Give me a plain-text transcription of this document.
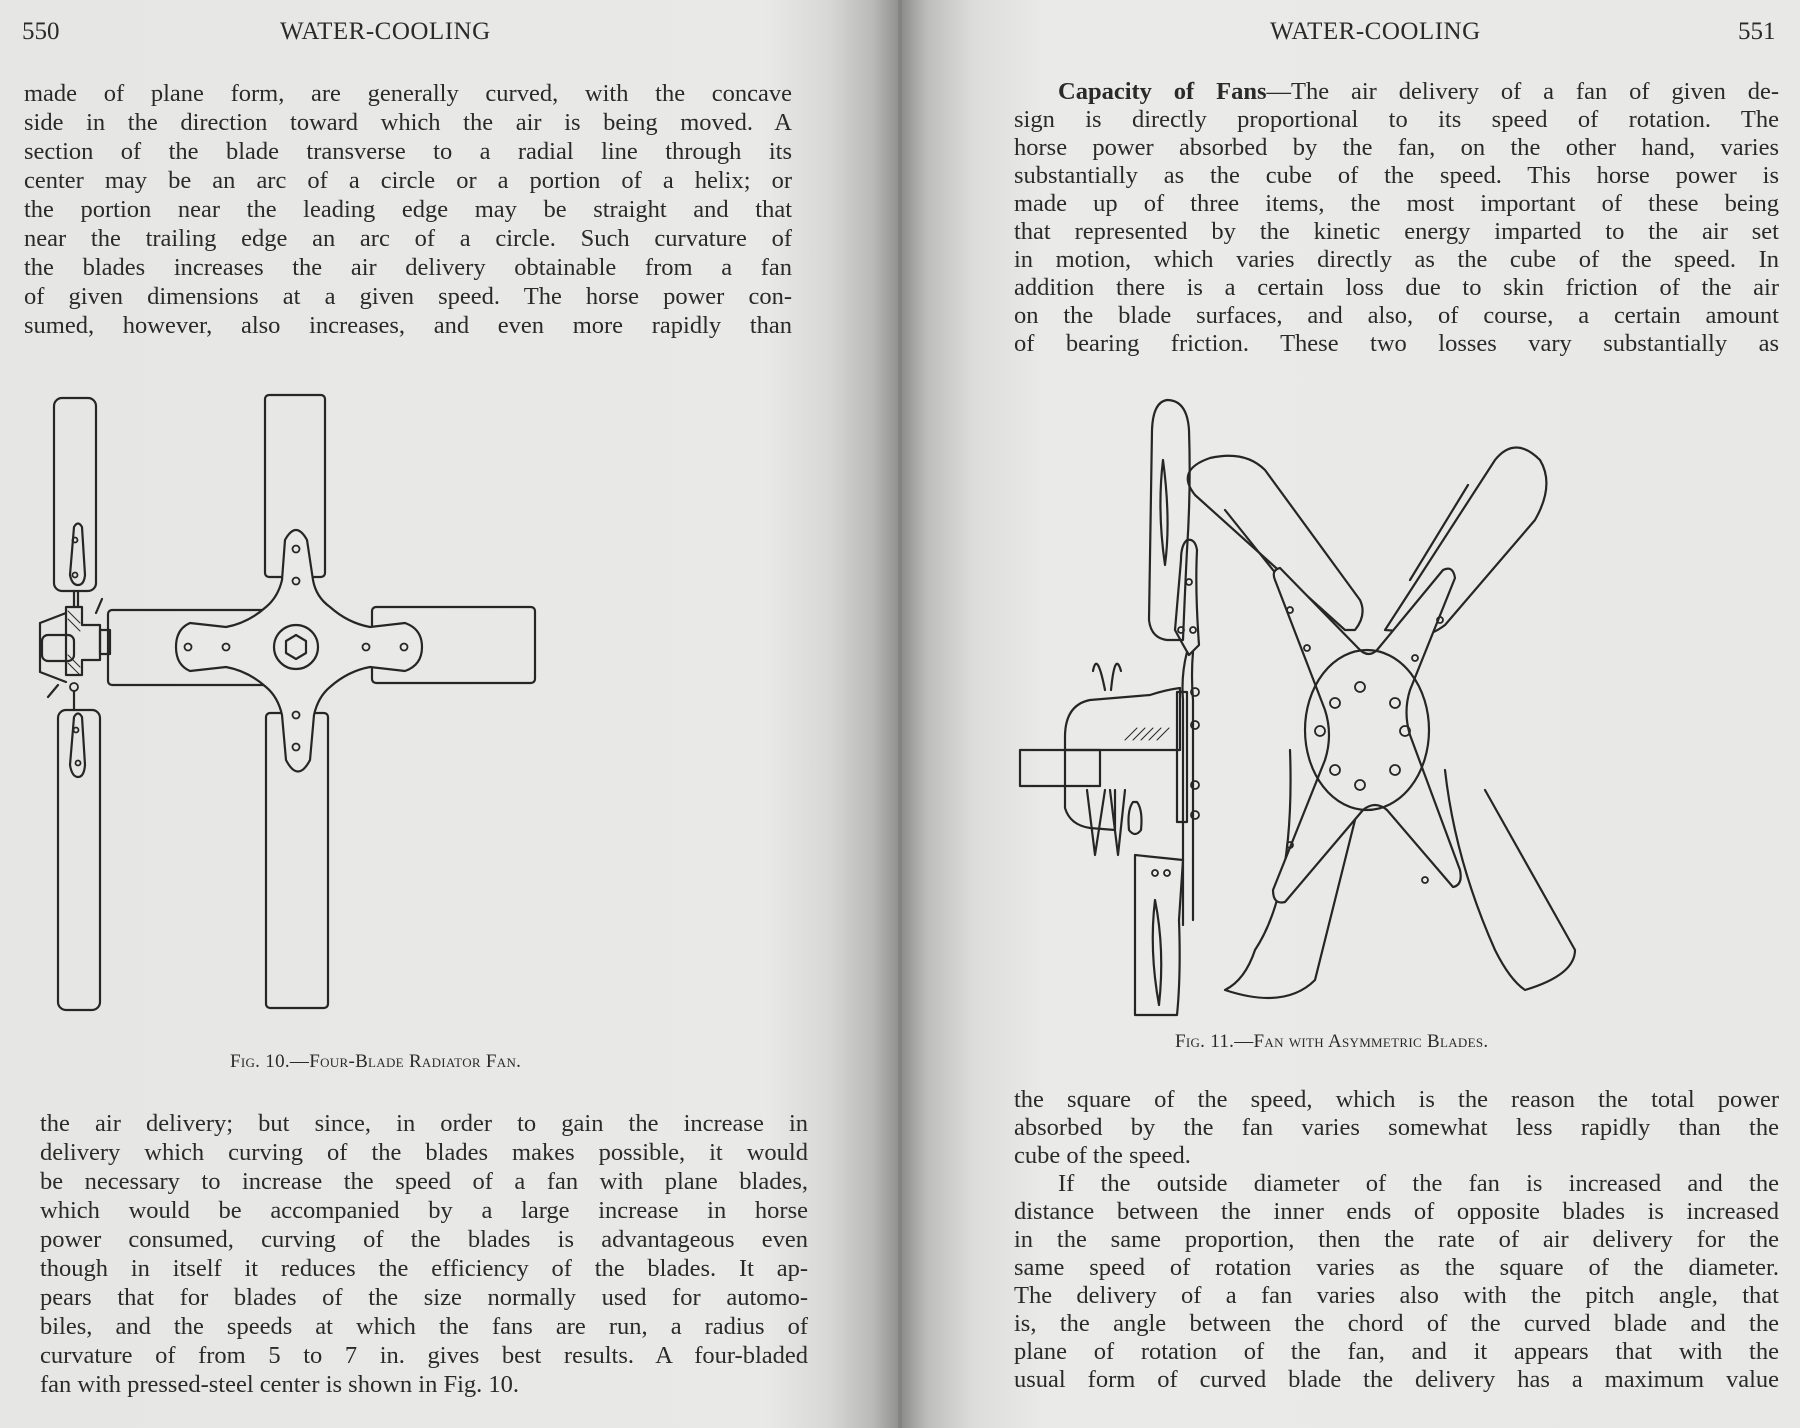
550	WATER-COOLING
made of plane form, are generally curved, with the concave
side in the direction toward which the air is being moved. A
section of the blade transverse to a radial line through its
center may be an arc of a circle or a portion of a helix; or
the portion near the leading edge may be straight and that
near the trailing edge an arc of a circle. Such curvature of
the blades increases the air delivery obtainable from a fan
of given dimensions at a given speed. The horse power con-
sumed, however, also increases, and even more rapidly than
Fig. 10.—Four-Blade Radiator Fan.
the air delivery; but since, in order to gain the increase in
delivery which curving of the blades makes possible, it would
be necessary to increase the speed of a fan with plane blades,
which would be accompanied by a large increase in horse
power consumed, curving of the blades is advantageous even
though in itself it reduces the efficiency of the blades. It ap-
pears that for blades of the size normally used for automo-
biles, and the speeds at which the fans are run, a radius of
curvature of from 5 to 7 in. gives best results. A four-bladed
fan with pressed-steel center is shown in Fig. 10.
WATER-COOLING	551
Capacity of Fans—The air delivery of a fan of given de-
sign is directly proportional to its speed of rotation. The
horse power absorbed by the fan, on the other hand, varies
substantially as the cube of the speed. This horse power is
made up of three items, the most important of these being
that represented by the kinetic energy imparted to the air set
in motion, which varies directly as the cube of the speed. In
addition there is a certain loss due to skin friction of the air
on the blade surfaces, and also, of course, a certain amount
of bearing friction. These two losses vary substantially as
Fig. 11.—Fan with Asymmetric Blades.
the square of the speed, which is the reason the total power
absorbed by the fan varies somewhat less rapidly than the
cube of the speed.
If the outside diameter of the fan is increased and the
distance between the inner ends of opposite blades is increased
in the same proportion, then the rate of air delivery for the
same speed of rotation varies as the square of the diameter.
The delivery of a fan varies also with the pitch angle, that
is, the angle between the chord of the curved blade and the
plane of rotation of the fan, and it appears that with the
usual form of curved blade the delivery has a maximum value
